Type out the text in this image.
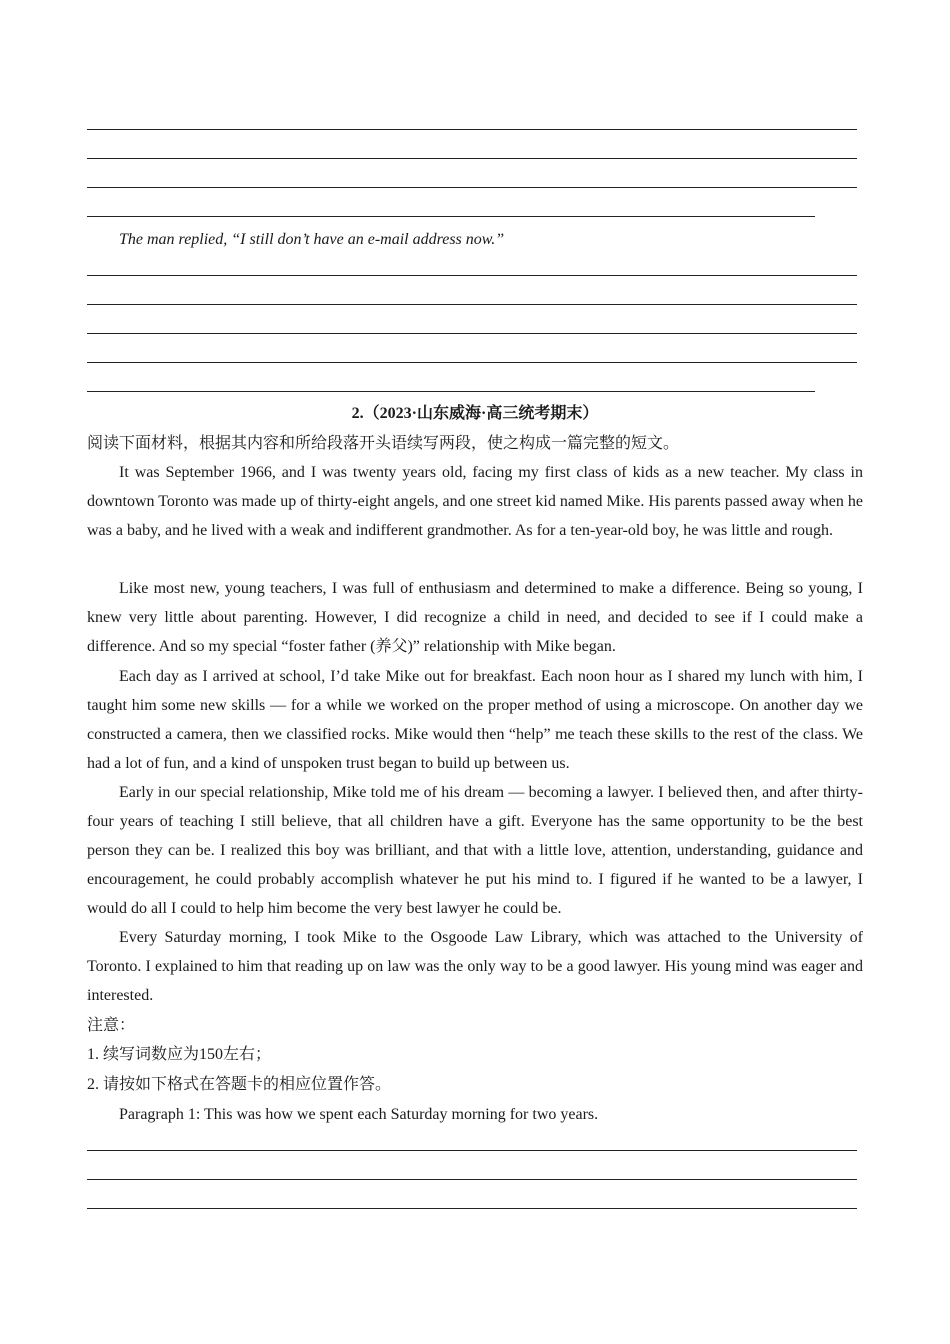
The man replied, “I still don’t have an e-mail address now.”
2.（2023·山东威海·高三统考期末）
阅读下面材料，根据其内容和所给段落开头语续写两段，使之构成一篇完整的短文。
It was September 1966, and I was twenty years old, facing my first class of kids as a new teacher. My class in downtown Toronto was made up of thirty-eight angels, and one street kid named Mike. His parents passed away when he was a baby, and he lived with a weak and indifferent grandmother. As for a ten-year-old boy, he was little and rough.
Like most new, young teachers, I was full of enthusiasm and determined to make a difference. Being so young, I knew very little about parenting. However, I did recognize a child in need, and decided to see if I could make a difference. And so my special “foster father (养父)” relationship with Mike began.
Each day as I arrived at school, I’d take Mike out for breakfast. Each noon hour as I shared my lunch with him, I taught him some new skills — for a while we worked on the proper method of using a microscope. On another day we constructed a camera, then we classified rocks. Mike would then “help” me teach these skills to the rest of the class. We had a lot of fun, and a kind of unspoken trust began to build up between us.
Early in our special relationship, Mike told me of his dream — becoming a lawyer. I believed then, and after thirty-four years of teaching I still believe, that all children have a gift. Everyone has the same opportunity to be the best person they can be. I realized this boy was brilliant, and that with a little love, attention, understanding, guidance and encouragement, he could probably accomplish whatever he put his mind to. I figured if he wanted to be a lawyer, I would do all I could to help him become the very best lawyer he could be.
Every Saturday morning, I took Mike to the Osgoode Law Library, which was attached to the University of Toronto. I explained to him that reading up on law was the only way to be a good lawyer. His young mind was eager and interested.
注意：
1. 续写词数应为150左右；
2. 请按如下格式在答题卡的相应位置作答。
Paragraph 1: This was how we spent each Saturday morning for two years.
